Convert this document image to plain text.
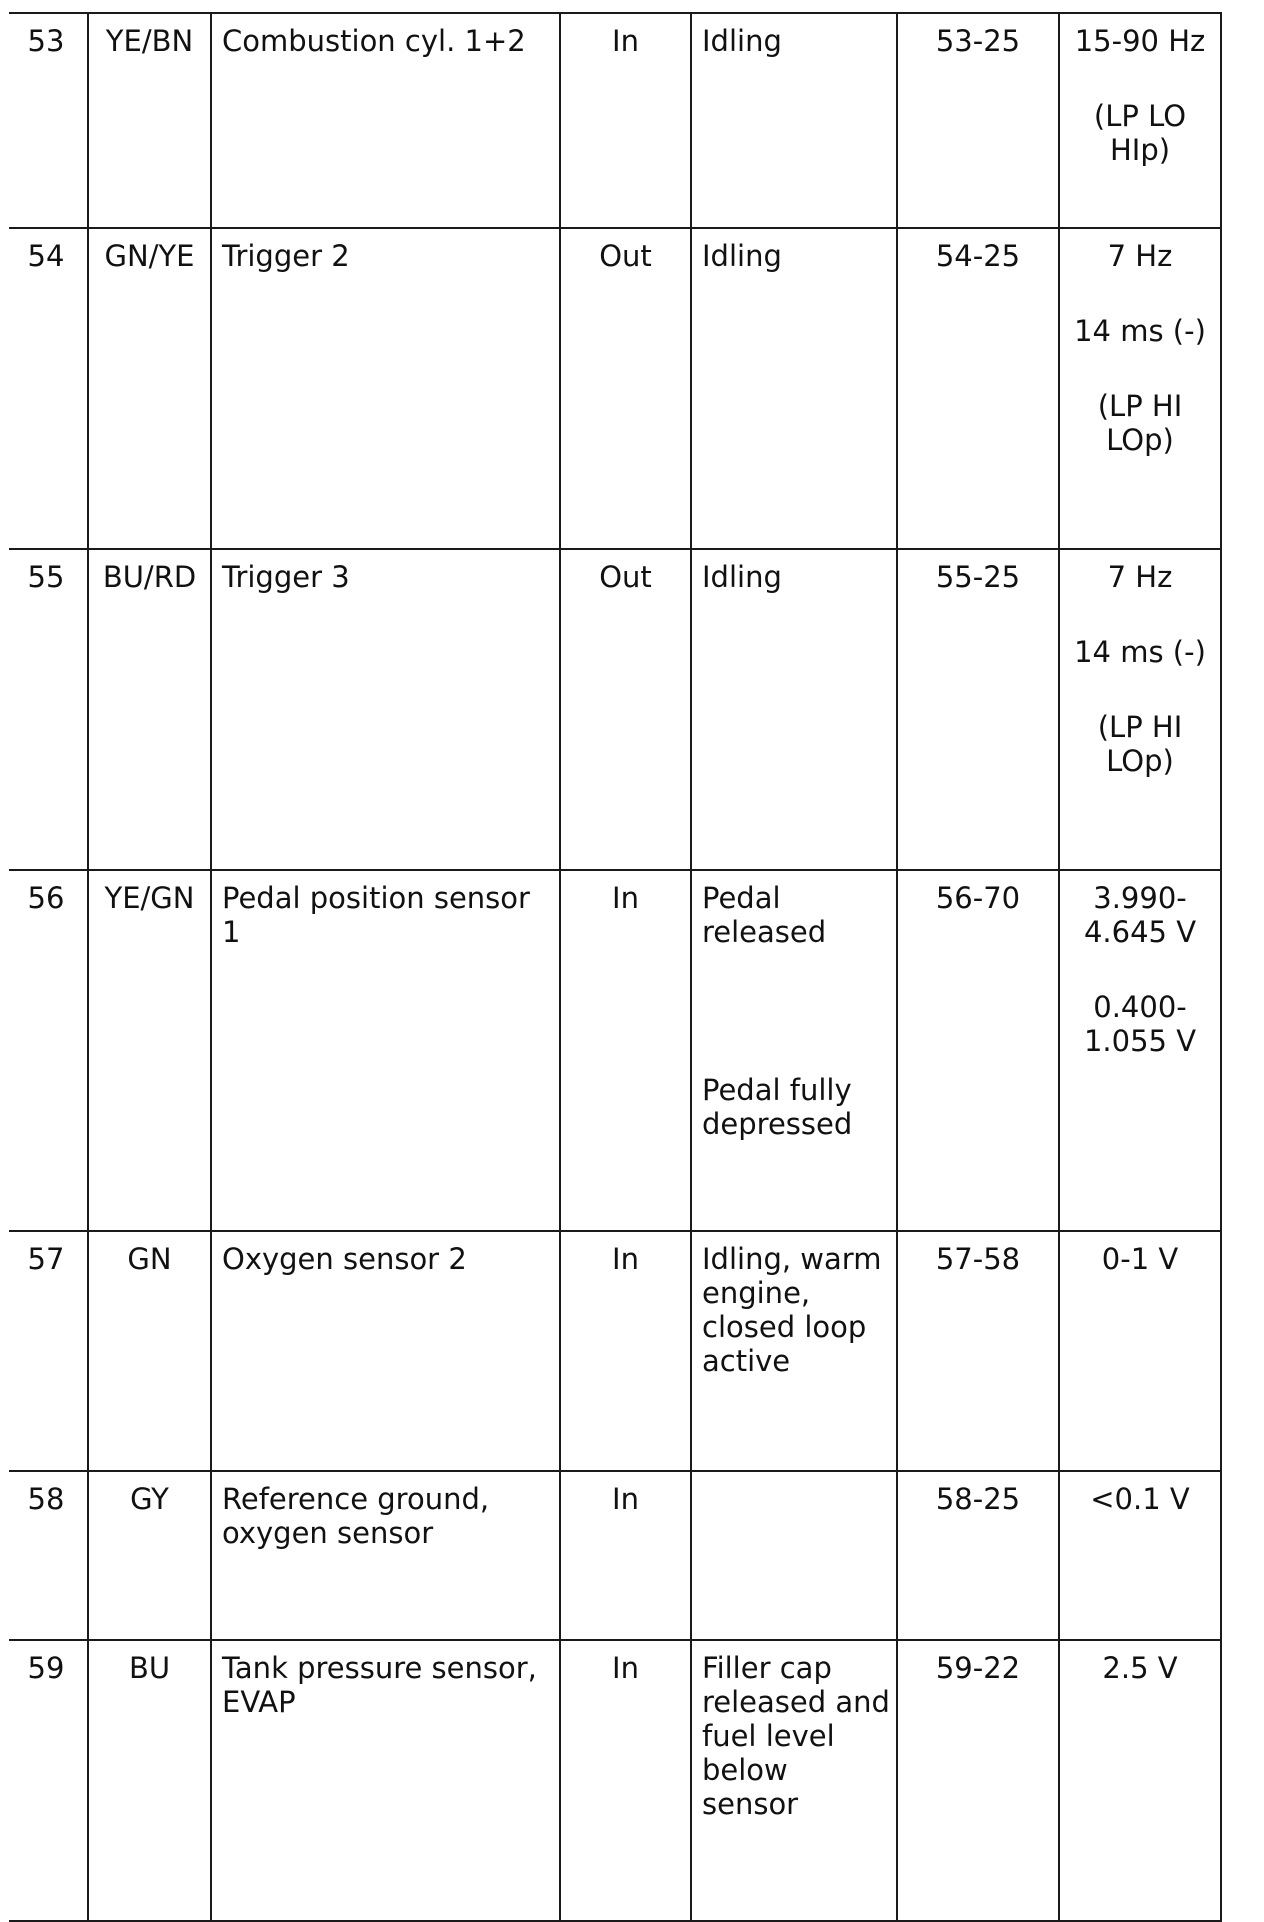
53	YE/BN	Combustion cyl. 1+2	In	Idling	53-25	15-90 Hz
(LP LO
HIp)

54	GN/YE	Trigger 2	Out	Idling	54-25	7 Hz
14 ms (-)
(LP HI
LOp)

55	BU/RD	Trigger 3	Out	Idling	55-25	7 Hz
14 ms (-)
(LP HI
LOp)

56	YE/GN	Pedal position sensor 1	In	Pedal
released
Pedal fully
depressed	56-70	3.990-
4.645 V
0.400-
1.055 V

57	GN	Oxygen sensor 2	In	Idling, warm
engine,
closed loop
active	57-58	0-1 V

58	GY	Reference ground,
oxygen sensor	In		58-25	<0.1 V

59	BU	Tank pressure sensor,
EVAP	In	Filler cap
released and
fuel level
below sensor	59-22	2.5 V
